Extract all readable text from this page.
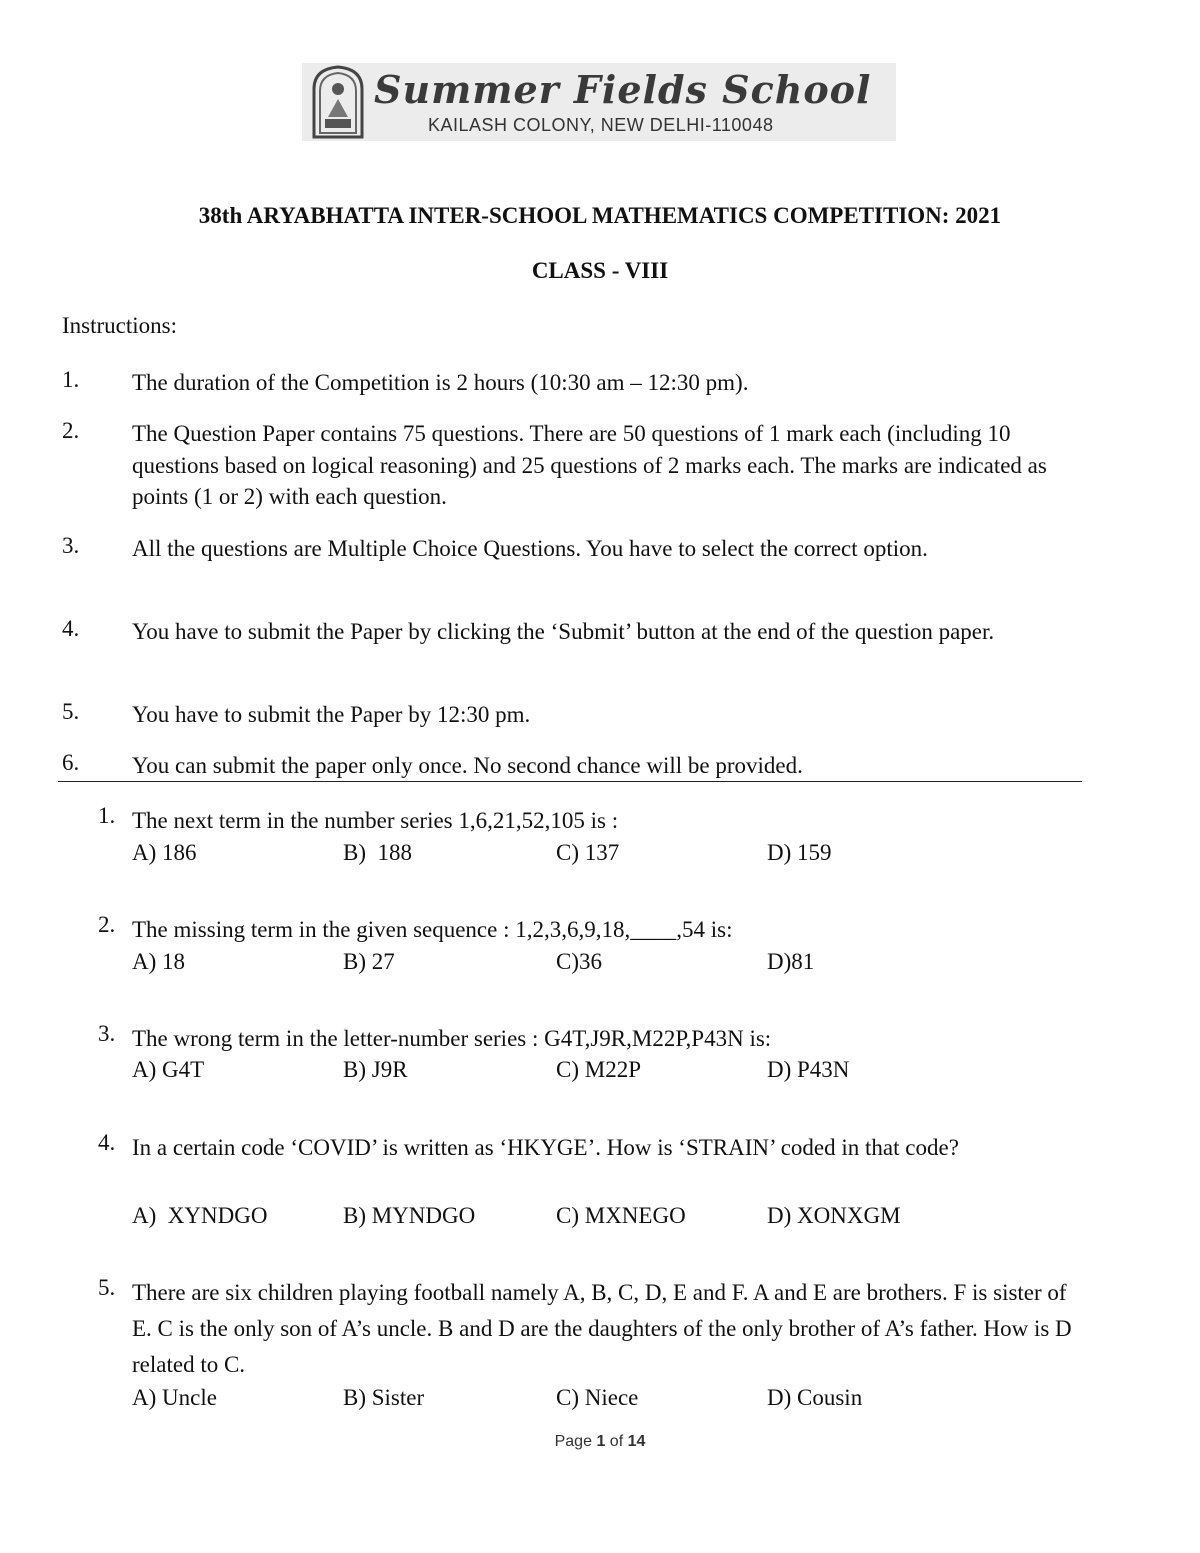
Summer Fields School
KAILASH COLONY, NEW DELHI-110048
38th ARYABHATTA INTER-SCHOOL MATHEMATICS COMPETITION: 2021
CLASS - VIII
Instructions:
1. The duration of the Competition is 2 hours (10:30 am – 12:30 pm).
2. The Question Paper contains 75 questions. There are 50 questions of 1 mark each (including 10 questions based on logical reasoning) and 25 questions of 2 marks each. The marks are indicated as points (1 or 2) with each question.
3. All the questions are Multiple Choice Questions. You have to select the correct option.
4. You have to submit the Paper by clicking the ‘Submit’ button at the end of the question paper.
5. You have to submit the Paper by 12:30 pm.
6. You can submit the paper only once. No second chance will be provided.
1. The next term in the number series 1,6,21,52,105 is :
A) 186	B)  188	C) 137	D) 159
2. The missing term in the given sequence : 1,2,3,6,9,18,____,54 is:
A) 18	B) 27	C)36	D)81
3. The wrong term in the letter-number series : G4T,J9R,M22P,P43N is:
A) G4T	B) J9R	C) M22P	D) P43N
4. In a certain code ‘COVID’ is written as ‘HKYGE’. How is ‘STRAIN’ coded in that code?
A)  XYNDGO	B) MYNDGO	C) MXNEGO	D) XONXGM
5. There are six children playing football namely A, B, C, D, E and F. A and E are brothers. F is sister of E. C is the only son of A’s uncle. B and D are the daughters of the only brother of A’s father. How is D related to C.
A) Uncle	B) Sister	C) Niece	D) Cousin
Page 1 of 14
